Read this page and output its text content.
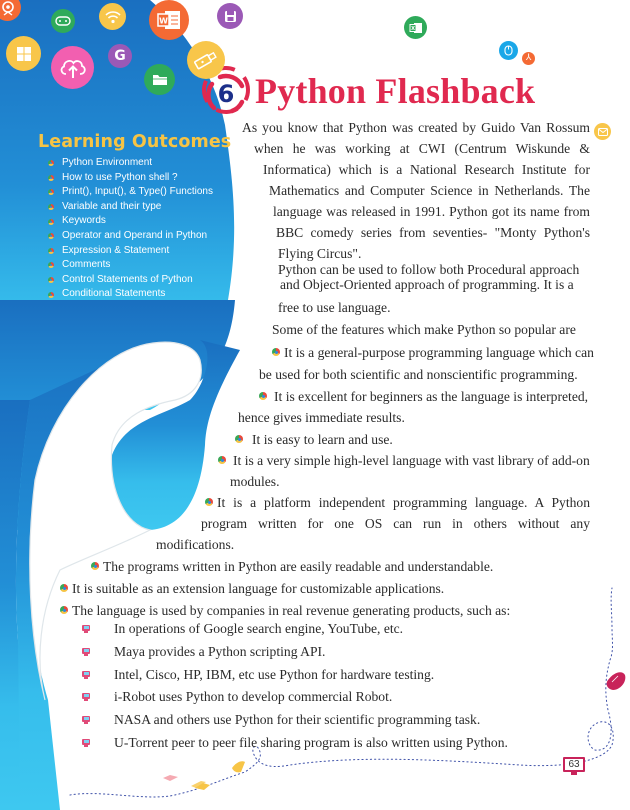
W
G
X
⅄
Learning Outcomes
Python Environment
How to use Python shell ?
Print(), Input(), & Type() Functions
Variable and their type
Keywords
Operator and Operand in Python
Expression & Statement
Comments
Control Statements of Python
Conditional Statements
6 Python Flashback
As you know that Python was created by Guido Van Rossum
when he was working at CWI (Centrum Wiskunde &
Informatica) which is a National Research Institute for
Mathematics and Computer Science in Netherlands. The
language was released in 1991. Python got its name from
BBC comedy series from seventies- "Monty Python's
Flying Circus".
Python can be used to follow both Procedural approach
and Object-Oriented approach of programming. It is a
free to use language.
Some of the features which make Python so popular are
It is a general-purpose programming language which can
be used for both scientific and nonscientific programming.
It is excellent for beginners as the language is interpreted,
hence gives immediate results.
It is easy to learn and use.
It is a very simple high-level language with vast library of add-on
modules.
It is a platform independent programming language. A Python
program written for one OS can run in others without any
modifications.
The programs written in Python are easily readable and understandable.
It is suitable as an extension language for customizable applications.
The language is used by companies in real revenue generating products, such as:
In operations of Google search engine, YouTube, etc.
Maya provides a Python scripting API.
Intel, Cisco, HP, IBM, etc use Python for hardware testing.
i-Robot uses Python to develop commercial Robot.
NASA and others use Python for their scientific programming task.
U-Torrent peer to peer file sharing program is also written using Python.
63
